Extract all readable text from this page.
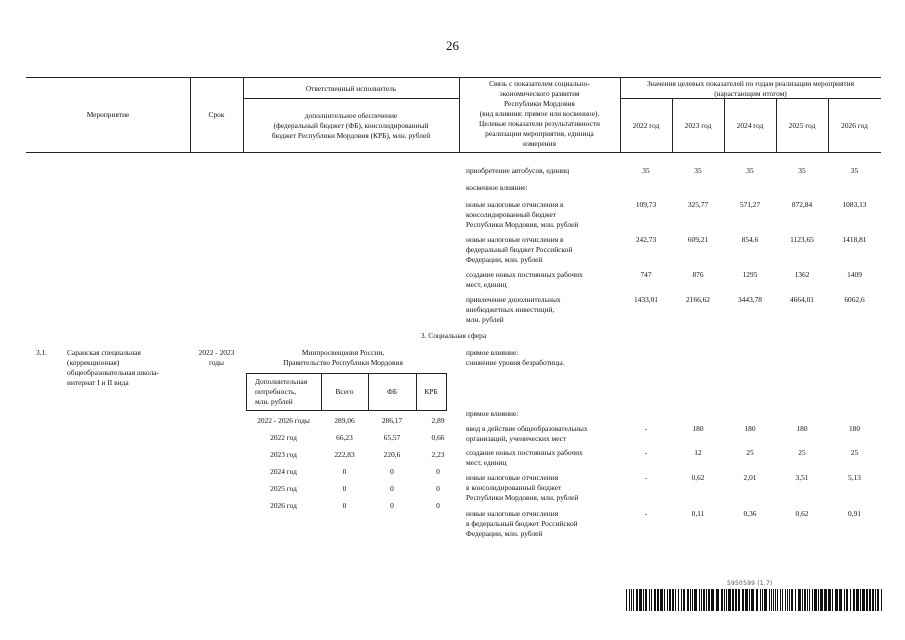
26
Мероприятие	Срок
Ответственный исполнитель
дополнительное обеспечение
(федеральный бюджет (ФБ), консолидированный
бюджет Республики Мордовия (КРБ), млн. рублей
Связь с показателем социально-
экономического развития
Республики Мордовия
(вид влияния: прямое или косвенное).
Целевые показатели результативности
реализации мероприятия, единица
измерения
Значения целевых показателей по годам реализации мероприятия
(нарастающим итогом)
2022 год	2023 год	2024 год	2025 год	2026 год
приобретение автобусов, единиц	35	35	35	35	35
косвенное влияние:
новые налоговые отчисления в
консолидированный бюджет
Республики Мордовия, млн. рублей
109,73	325,77	571,27	872,84	1083,13
новые налоговые отчисления в
федеральный бюджет Российской
Федерации, млн. рублей
242,73	609,21	854,6	1123,65	1418,81
создание новых постоянных рабочих
мест, единиц
747	876	1295	1362	1409
привлечение дополнительных
внебюджетных инвестиций,
млн. рублей
1433,01	2166,62	3443,78	4664,01	6062,6
3. Социальная сфера
3.1.	Саранская специальная
(коррекционная)
общеобразовательная школа-
интернат I и II вида
2022 - 2023
годы
Минпросвещения России,
Правительство Республики Мордовия
Дополнительная
потребность,
млн. рублей
Всего	ФБ	КРБ
2022 - 2026 годы	289,06	286,17	2,89
2022 год	66,23	65,57	0,66
2023 год	222,83	220,6	2,23
2024 год	0	0	0
2025 год	0	0	0
2026 год	0	0	0
прямое влияние:
снижение уровня безработицы.
прямое влияние:
ввод в действие общеобразовательных
организаций, ученических мест
-	180	180	180	180
создание новых постоянных рабочих
мест, единиц
-	12	25	25	25
новые налоговые отчисления
в консолидированный бюджет
Республики Мордовия, млн. рублей
-	0,62	2,01	3,51	5,13
новые налоговые отчисления
в федеральный бюджет Российской
Федерации, млн. рублей
-	0,11	0,36	0,62	0,91
5950599 (1.7)
